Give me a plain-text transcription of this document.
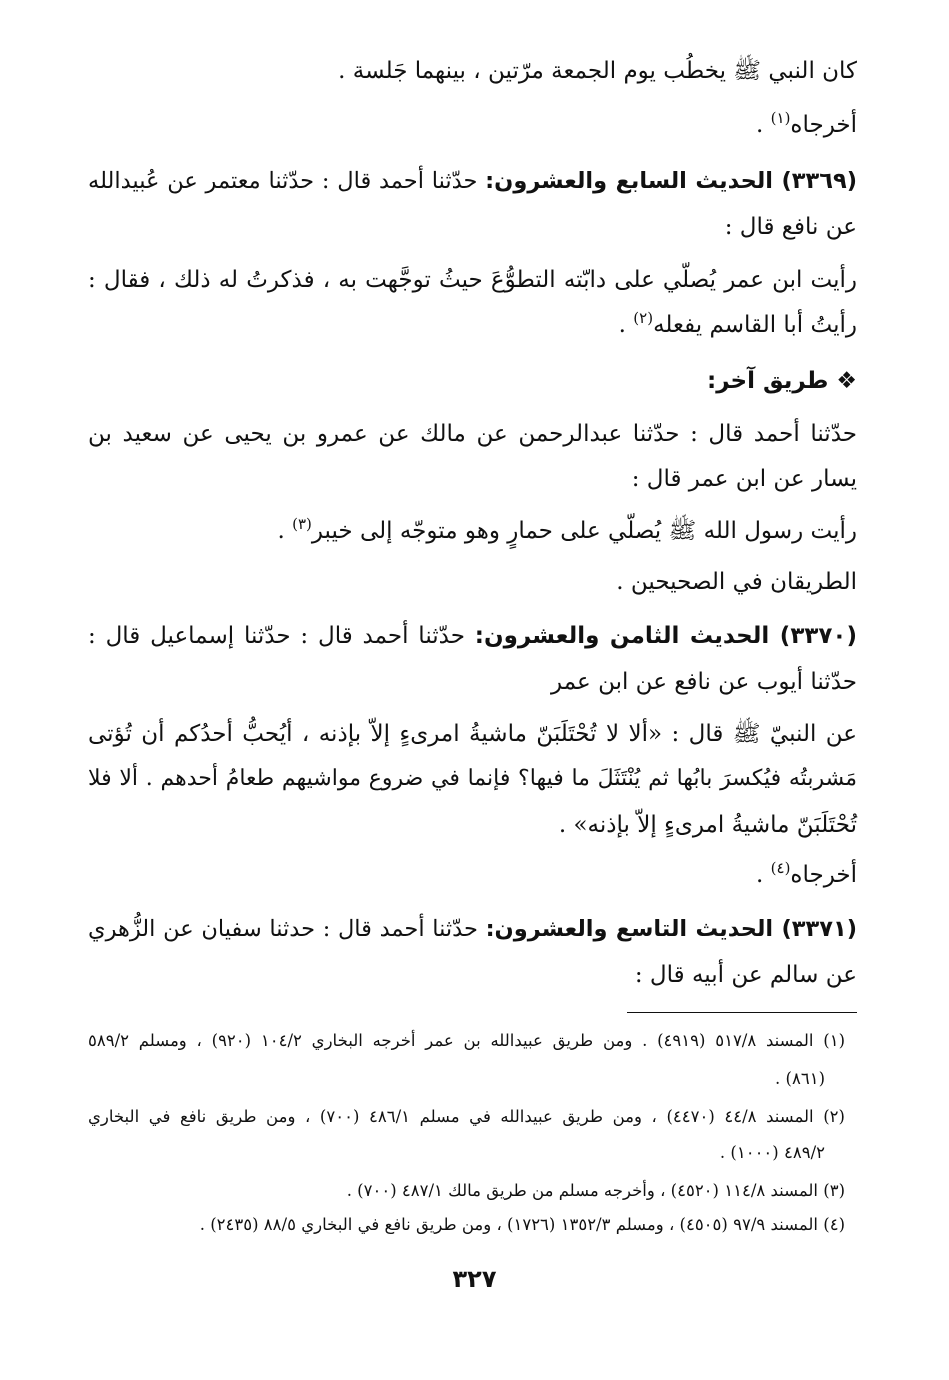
كان النبي ﷺ يخطُب يوم الجمعة مرّتين ، بينهما جَلسة .
أخرجاه$^{(١)}$ .
(٣٣٦٩) الحديث السابع والعشرون: حدّثنا أحمد قال : حدّثنا معتمر عن عُبيدالله
عن نافع قال :
رأيت ابن عمر يُصلّي على دابّته التطوُّعَ حيثُ توجَّهت به ، فذكرتُ له ذلك ، فقال :
رأيتُ أبا القاسم يفعله$^{(٢)}$ .
❖ طريق آخر:
حدّثنا أحمد قال : حدّثنا عبدالرحمن عن مالك عن عمرو بن يحيى عن سعيد بن
يسار عن ابن عمر قال :
رأيت رسول الله ﷺ يُصلّي على حمارٍ وهو متوجّه إلى خيبر$^{(٣)}$ .
الطريقان في الصحيحين .
(٣٣٧٠) الحديث الثامن والعشرون: حدّثنا أحمد قال : حدّثنا إسماعيل قال :
حدّثنا أيوب عن نافع عن ابن عمر
عن النبيّ ﷺ قال : «ألا لا تُحْتَلَبَنّ ماشيةُ امرىءٍ إلاّ بإذنه ، أيُحبُّ أحدُكم أن تُؤتى
مَشربتُه فيُكسرَ بابُها ثم يُنْتَثَلَ ما فيها؟ فإنما في ضروع مواشيهم طعامُ أحدهم . ألا فلا
تُحْتَلَبَنّ ماشيةُ امرىءٍ إلاّ بإذنه» .
أخرجاه$^{(٤)}$ .
(٣٣٧١) الحديث التاسع والعشرون: حدّثنا أحمد قال : حدثنا سفيان عن الزُّهري
عن سالم عن أبيه قال :
(١) المسند ٥١٧/٨ (٤٩١٩) . ومن طريق عبيدالله بن عمر أخرجه البخاري ١٠٤/٢ (٩٢٠) ، ومسلم ٥٨٩/٢
(٨٦١) .
(٢) المسند ٤٤/٨ (٤٤٧٠) ، ومن طريق عبيدالله في مسلم ٤٨٦/١ (٧٠٠) ، ومن طريق نافع في البخاري
٤٨٩/٢ (١٠٠٠) .
(٣) المسند ١١٤/٨ (٤٥٢٠) ، وأخرجه مسلم من طريق مالك ٤٨٧/١ (٧٠٠) .
(٤) المسند ٩٧/٩ (٤٥٠٥) ، ومسلم ١٣٥٢/٣ (١٧٢٦) ، ومن طريق نافع في البخاري ٨٨/٥ (٢٤٣٥) .
٣٢٧
